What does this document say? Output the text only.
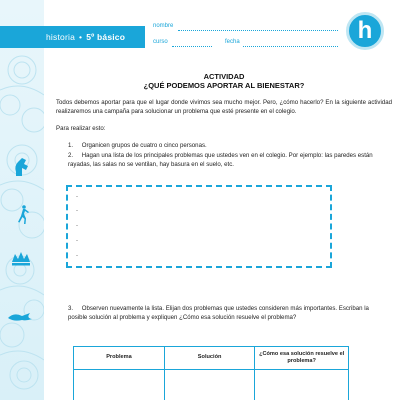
historia • 5º básico
nombre
curso	fecha	h
ACTIVIDAD
¿QUÉ PODEMOS APORTAR AL BIENESTAR?
Todos debemos aportar para que el lugar donde vivimos sea mucho mejor. Pero, ¿cómo hacerlo? En la siguiente actividad realizaremos una campaña para solucionar un problema que esté presente en el colegio.
Para realizar esto:
1. Organicen grupos de cuatro o cinco personas.
2. Hagan una lista de los principales problemas que ustedes ven en el colegio. Por ejemplo: las paredes están rayadas, las salas no se ventilan, hay basura en el suelo, etc.
-
-
-
-
-
3. Observen nuevamente la lista. Elijan dos problemas que ustedes consideren más importantes. Escriban la posible solución al problema y expliquen ¿Cómo esa solución resuelve el problema?
Problema	Solución	¿Cómo esa solución resuelve el problema?
